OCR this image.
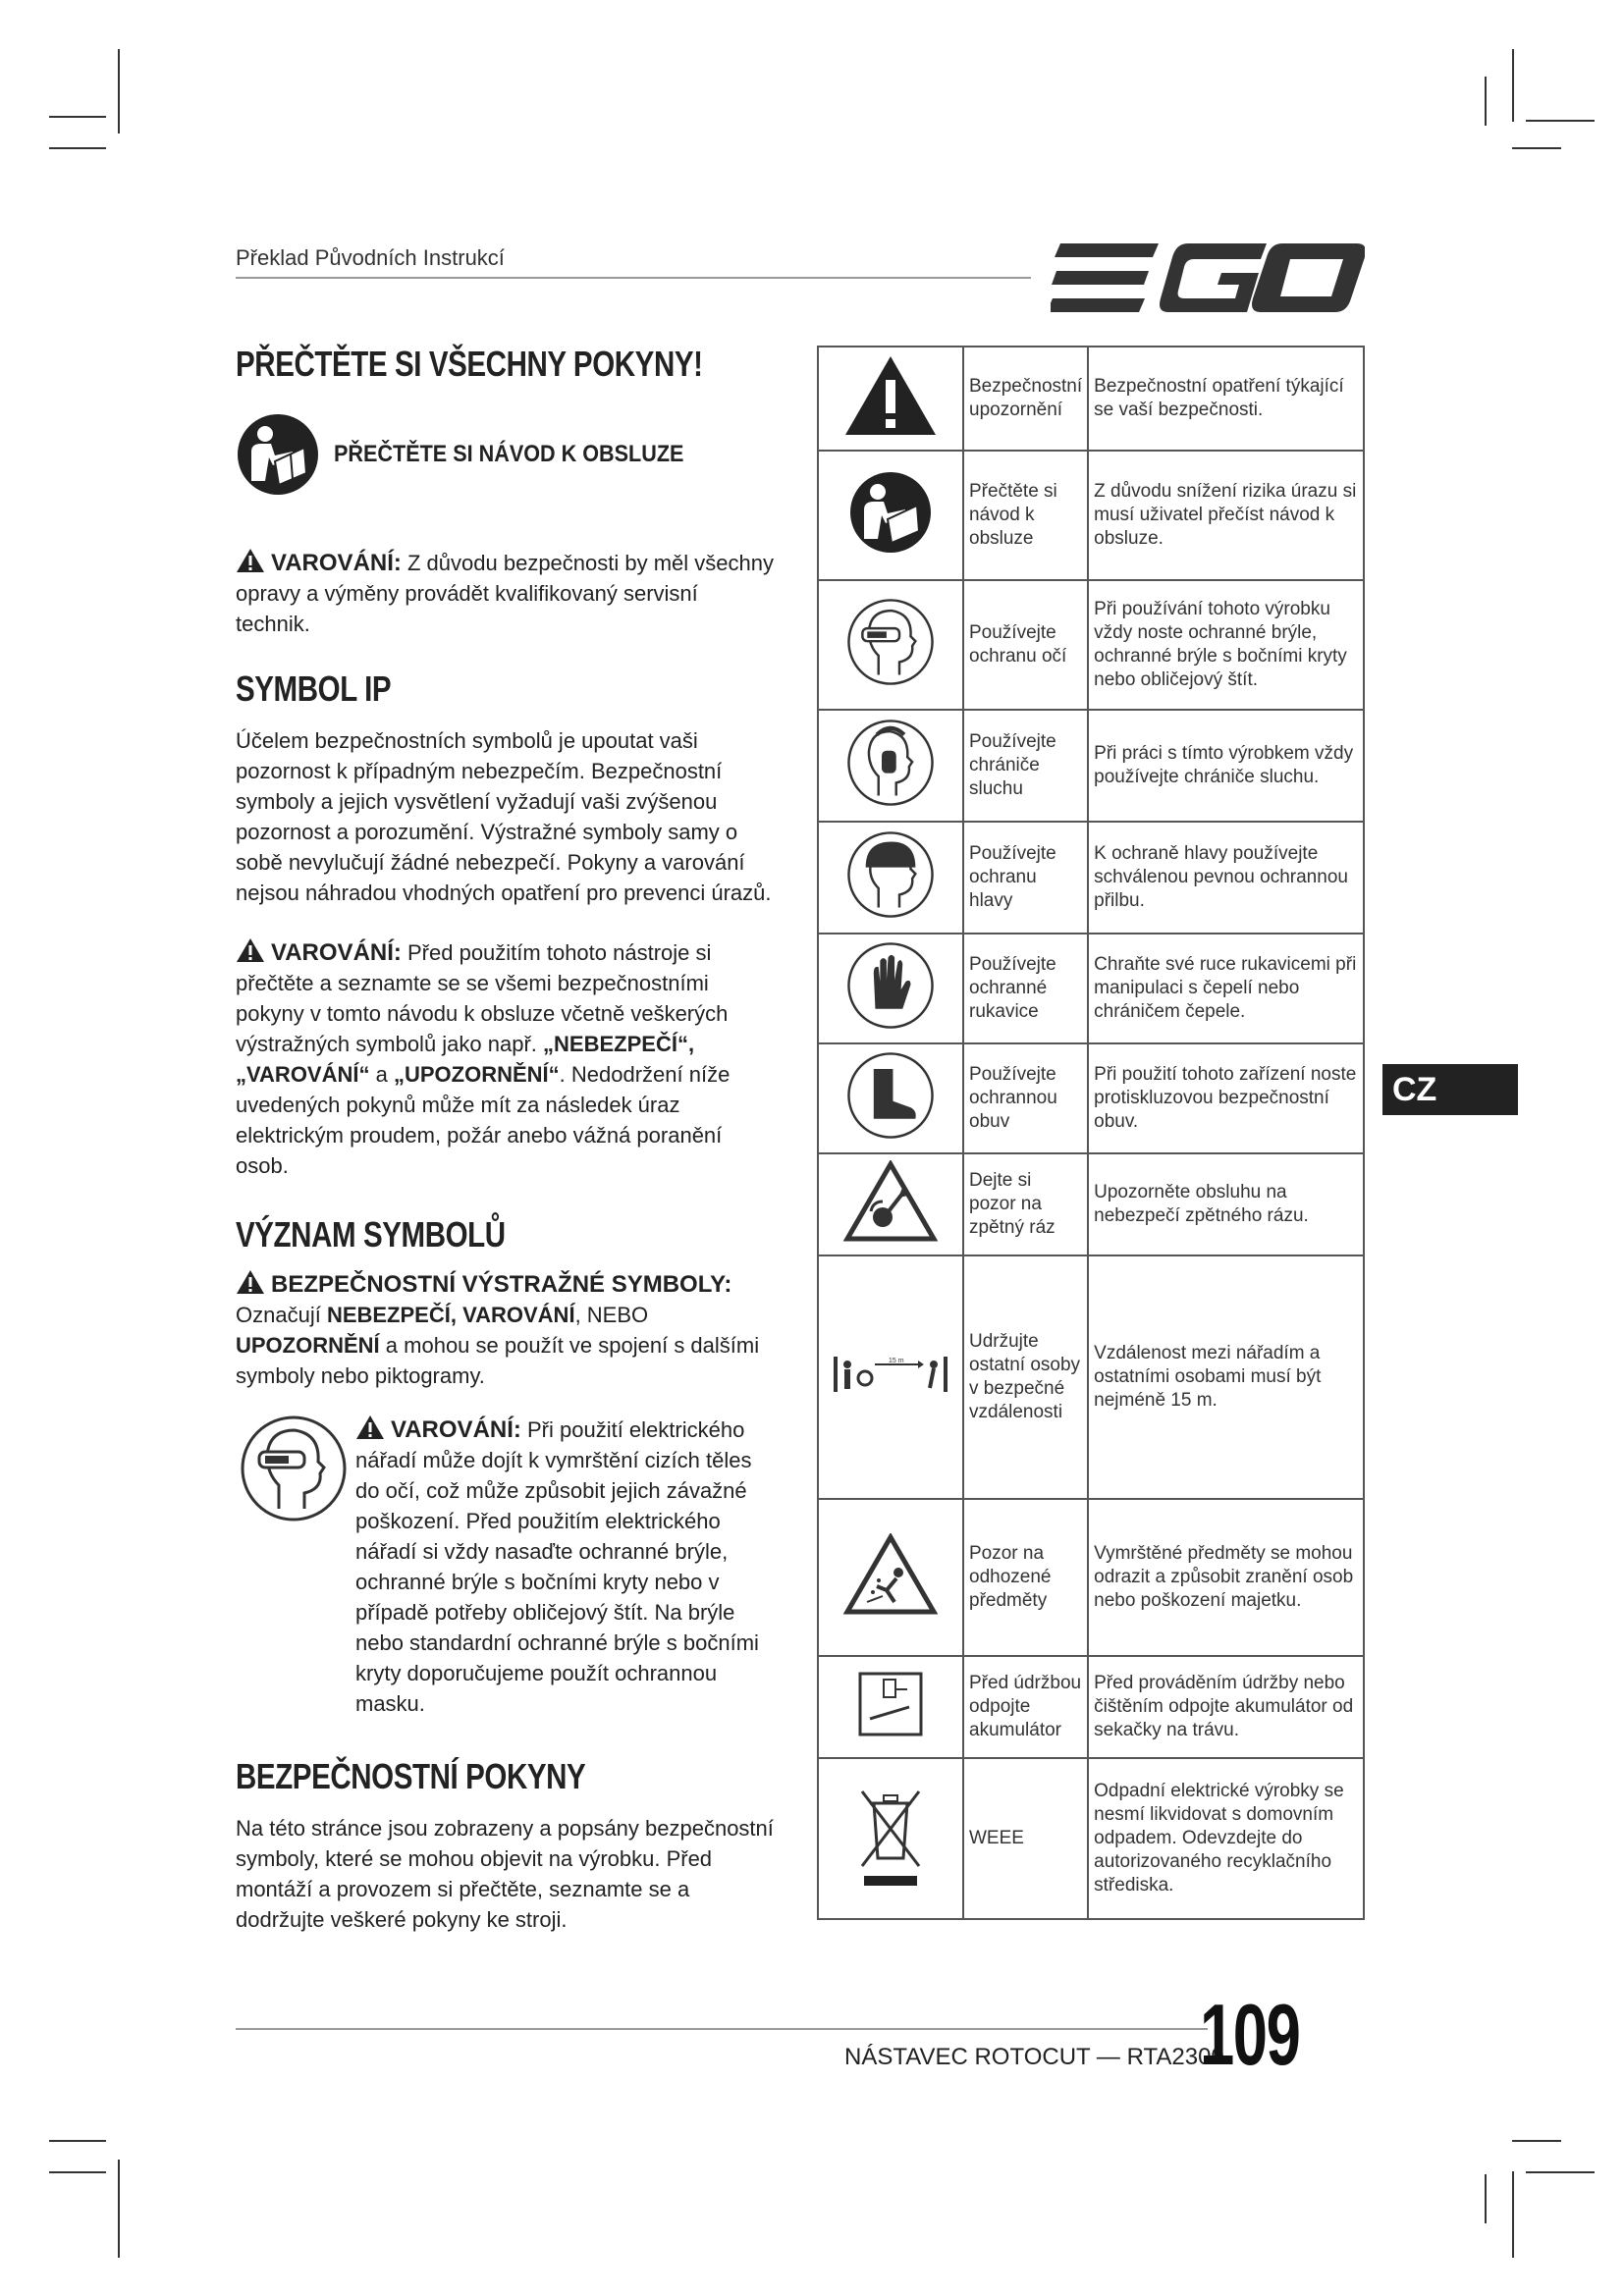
Překlad Původních Instrukcí
PŘEČTĚTE SI VŠECHNY POKYNY!
PŘEČTĚTE SI NÁVOD K OBSLUZE

VAROVÁNÍ: Z důvodu bezpečnosti by měl všechny opravy a výměny provádět kvalifikovaný servisní technik.

SYMBOL IP

Účelem bezpečnostních symbolů je upoutat vaši pozornost k případným nebezpečím. Bezpečnostní symboly a jejich vysvětlení vyžadují vaši zvýšenou pozornost a porozumění. Výstražné symboly samy o sobě nevylučují žádné nebezpečí. Pokyny a varování nejsou náhradou vhodných opatření pro prevenci úrazů.

VAROVÁNÍ: Před použitím tohoto nástroje si přečtěte a seznamte se se všemi bezpečnostními pokyny v tomto návodu k obsluze včetně veškerých výstražných symbolů jako např. „NEBEZPEČÍ“, „VAROVÁNÍ“ a „UPOZORNĚNÍ“. Nedodržení níže uvedených pokynů může mít za následek úraz elektrickým proudem, požár anebo vážná poranění osob.

VÝZNAM SYMBOLŮ

BEZPEČNOSTNÍ VÝSTRAŽNÉ SYMBOLY:
Označují NEBEZPEČÍ, VAROVÁNÍ, NEBO UPOZORNĚNÍ a mohou se použít ve spojení s dalšími symboly nebo piktogramy.

VAROVÁNÍ: Při použití elektrického nářadí může dojít k vymrštění cizích těles do očí, což může způsobit jejich závažné poškození. Před použitím elektrického nářadí si vždy nasaďte ochranné brýle, ochranné brýle s bočními kryty nebo v případě potřeby obličejový štít. Na brýle nebo standardní ochranné brýle s bočními kryty doporučujeme použít ochrannou masku.

BEZPEČNOSTNÍ POKYNY

Na této stránce jsou zobrazeny a popsány bezpečnostní symboly, které se mohou objevit na výrobku. Před montáží a provozem si přečtěte, seznamte se a dodržujte veškeré pokyny ke stroji.

	Bezpečnostní upozornění	Bezpečnostní opatření týkající se vaší bezpečnosti.
	Přečtěte si návod k obsluze	Z důvodu snížení rizika úrazu si musí uživatel přečíst návod k obsluze.
	Používejte ochranu očí	Při používání tohoto výrobku vždy noste ochranné brýle, ochranné brýle s bočními kryty nebo obličejový štít.
	Používejte chrániče sluchu	Při práci s tímto výrobkem vždy používejte chrániče sluchu.
	Používejte ochranu hlavy	K ochraně hlavy používejte schválenou pevnou ochrannou přilbu.
	Používejte ochranné rukavice	Chraňte své ruce rukavicemi při manipulaci s čepelí nebo chráničem čepele.
	Používejte ochrannou obuv	Při použití tohoto zařízení noste protiskluzovou bezpečnostní obuv.
	Dejte si pozor na zpětný ráz	Upozorněte obsluhu na nebezpečí zpětného rázu.

15 m	Udržujte ostatní osoby v bezpečné vzdálenosti	Vzdálenost mezi nářadím a ostatními osobami musí být nejméně 15 m.
	Pozor na odhozené předměty	Vymrštěné předměty se mohou odrazit a způsobit zranění osob nebo poškození majetku.
	Před údržbou odpojte akumulátor	Před prováděním údržby nebo čištěním odpojte akumulátor od sekačky na trávu.
	WEEE	Odpadní elektrické výrobky se nesmí likvidovat s domovním odpadem. Odevzdejte do autorizovaného recyklačního střediska.
CZ
NÁSTAVEC ROTOCUT — RTA2300
109
